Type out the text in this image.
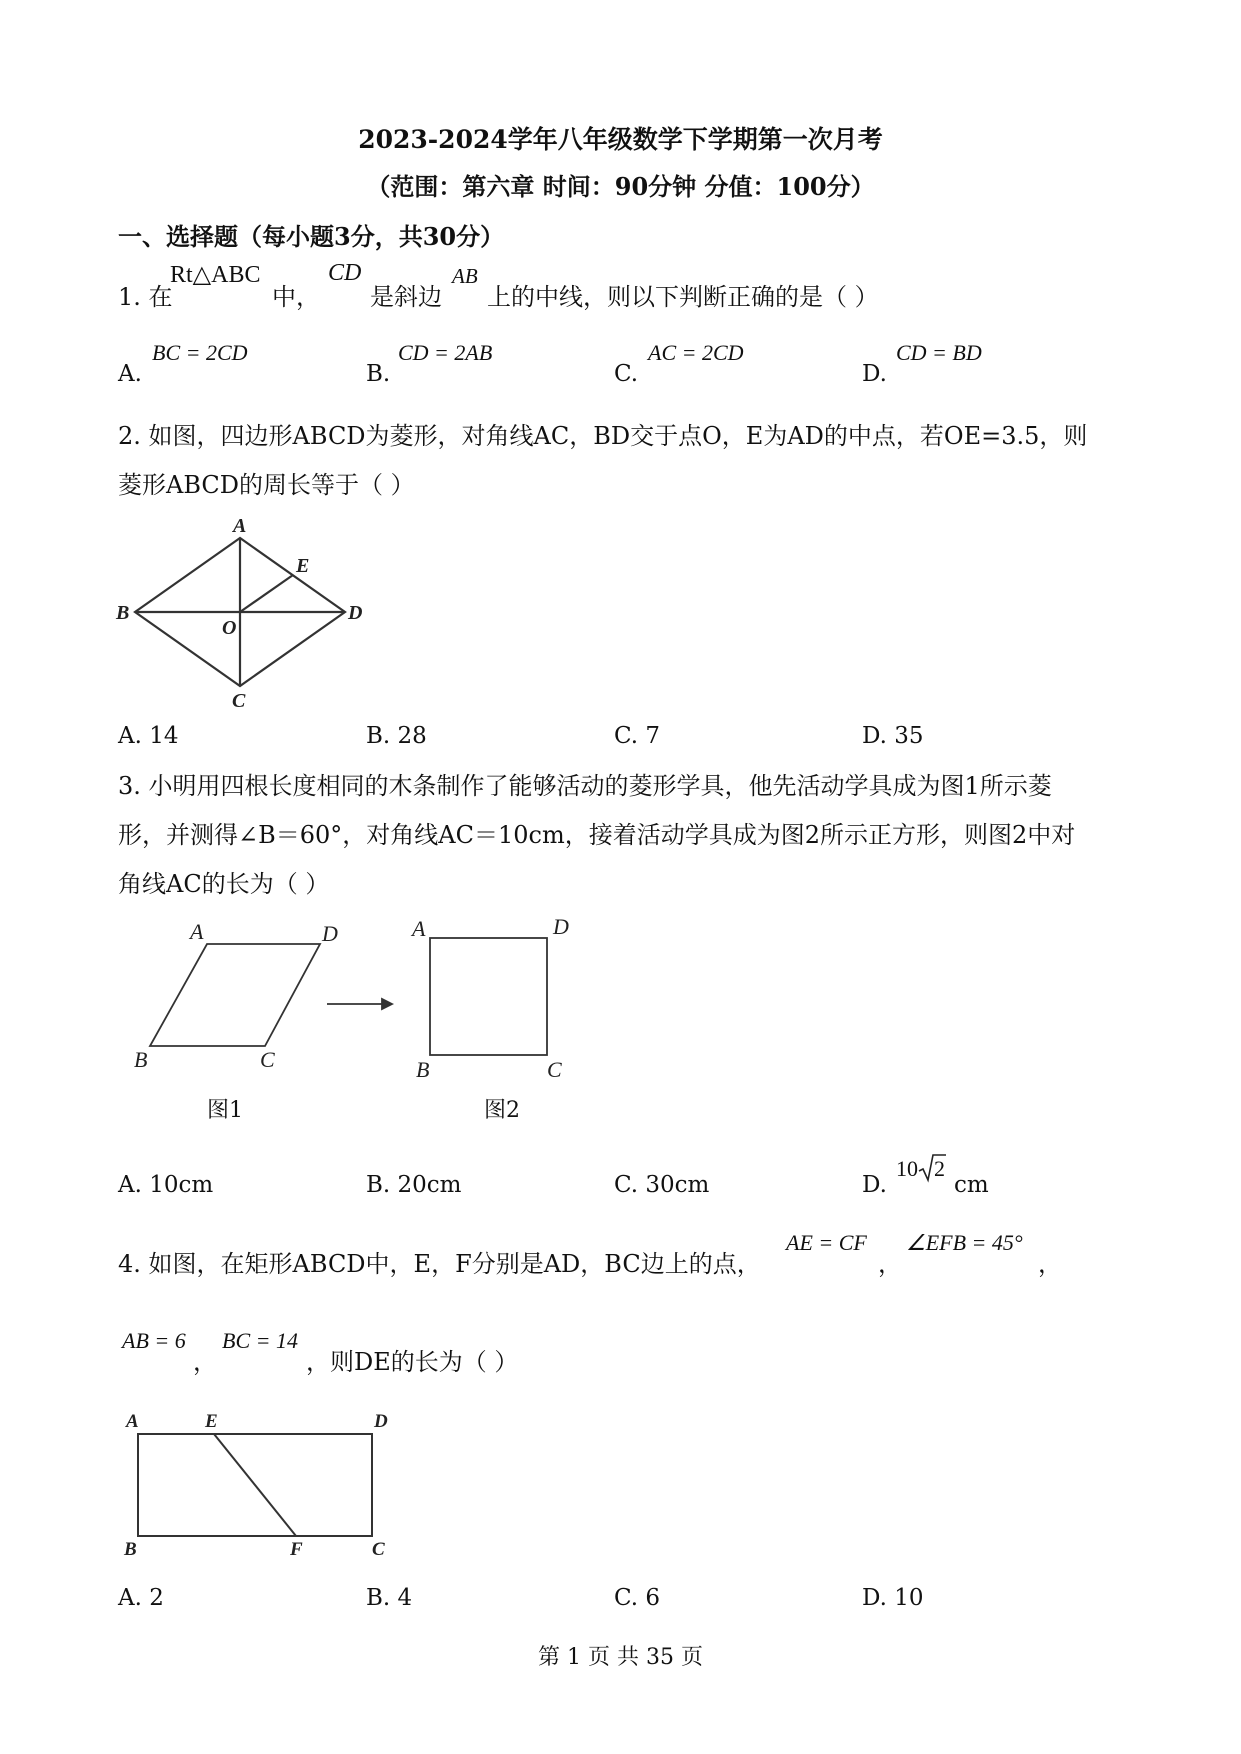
2023-2024学年八年级数学下学期第一次月考
（范围：第六章 时间：90分钟 分值：100分）
一、选择题（每小题3分，共30分）
1. 在
Rt△ABC
中，
CD
是斜边
AB
上的中线，则以下判断正确的是（ ）
A.
BC = 2CD
B.
CD = 2AB
C.
AC = 2CD
D.
CD = BD
2. 如图，四边形ABCD为菱形，对角线AC，BD交于点O，E为AD的中点，若OE=3.5，则
菱形ABCD的周长等于（ ）
A
B
C
D
E
O
A. 14	B. 28	C. 7	D. 35
3. 小明用四根长度相同的木条制作了能够活动的菱形学具，他先活动学具成为图1所示菱
形，并测得∠B＝60°，对角线AC＝10cm，接着活动学具成为图2所示正方形，则图2中对
角线AC的长为（ ）
A	D
B	C
A	D
B	C
图1	图2
A. 10cm	B. 20cm	C. 30cm	D.
10 2
cm
4. 如图，在矩形ABCD中，E，F分别是AD，BC边上的点，
AE = CF
，
∠EFB = 45°
，
AB = 6
，
BC = 14
，则DE的长为（ ）
A	E	D
B	F	C
A. 2	B. 4	C. 6	D. 10
第 1 页 共 35 页
